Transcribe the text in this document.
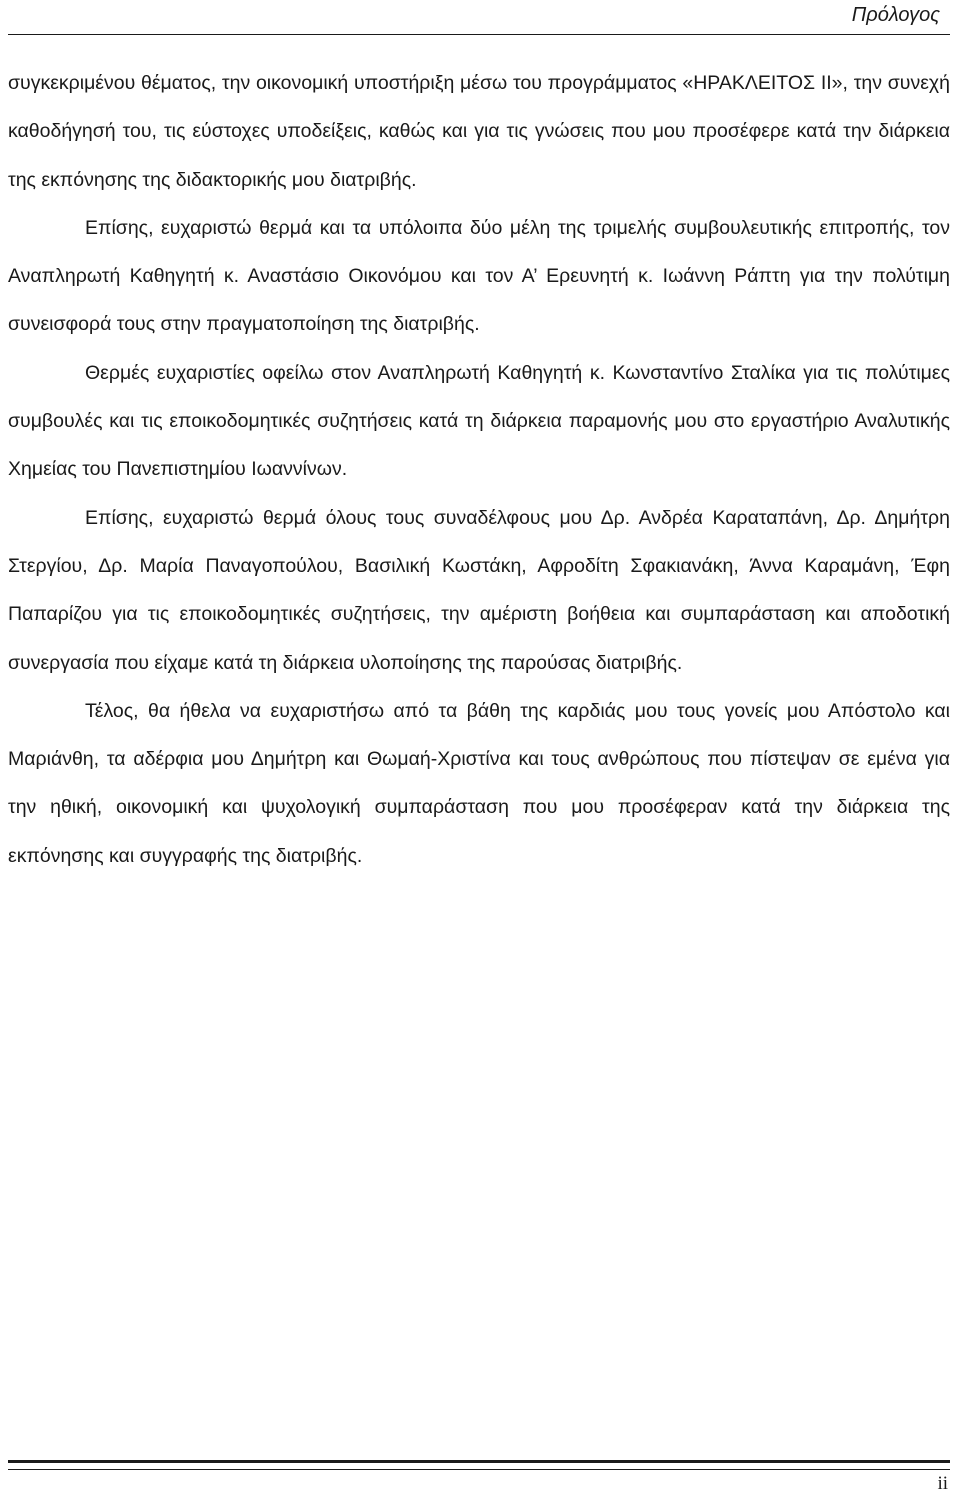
Πρόλογος

συγκεκριμένου θέματος, την οικονομική υποστήριξη μέσω του προγράμματος «ΗΡΑΚΛΕΙΤΟΣ ΙΙ», την συνεχή καθοδήγησή του, τις εύστοχες υποδείξεις, καθώς και για τις γνώσεις που μου προσέφερε κατά την διάρκεια της εκπόνησης της διδακτορικής μου διατριβής.

Επίσης, ευχαριστώ θερμά και τα υπόλοιπα δύο μέλη της τριμελής συμβουλευτικής επιτροπής, τον Αναπληρωτή Καθηγητή κ. Αναστάσιο Οικονόμου και τον Α’ Ερευνητή κ. Ιωάννη Ράπτη για την πολύτιμη συνεισφορά τους στην πραγματοποίηση της διατριβής.

Θερμές ευχαριστίες οφείλω στον Αναπληρωτή Καθηγητή κ. Κωνσταντίνο Σταλίκα για τις πολύτιμες συμβουλές και τις εποικοδομητικές συζητήσεις κατά τη διάρκεια παραμονής μου στο εργαστήριο Αναλυτικής Χημείας του Πανεπιστημίου Ιωαννίνων.

Επίσης, ευχαριστώ θερμά όλους τους συναδέλφους μου Δρ. Ανδρέα Καραταπάνη, Δρ. Δημήτρη Στεργίου, Δρ. Μαρία Παναγοπούλου, Βασιλική Κωστάκη, Αφροδίτη Σφακιανάκη, Άννα Καραμάνη, Έφη Παπαρίζου για τις εποικοδομητικές συζητήσεις, την αμέριστη βοήθεια και συμπαράσταση και αποδοτική συνεργασία που είχαμε κατά τη διάρκεια υλοποίησης της παρούσας διατριβής.

Τέλος, θα ήθελα να ευχαριστήσω από τα βάθη της καρδιάς μου τους γονείς μου Απόστολο και Μαριάνθη, τα αδέρφια μου Δημήτρη και Θωμαή-Χριστίνα και τους ανθρώπους που πίστεψαν σε εμένα για την ηθική, οικονομική και ψυχολογική συμπαράσταση που μου προσέφεραν κατά την διάρκεια της εκπόνησης και συγγραφής της διατριβής.

ii
